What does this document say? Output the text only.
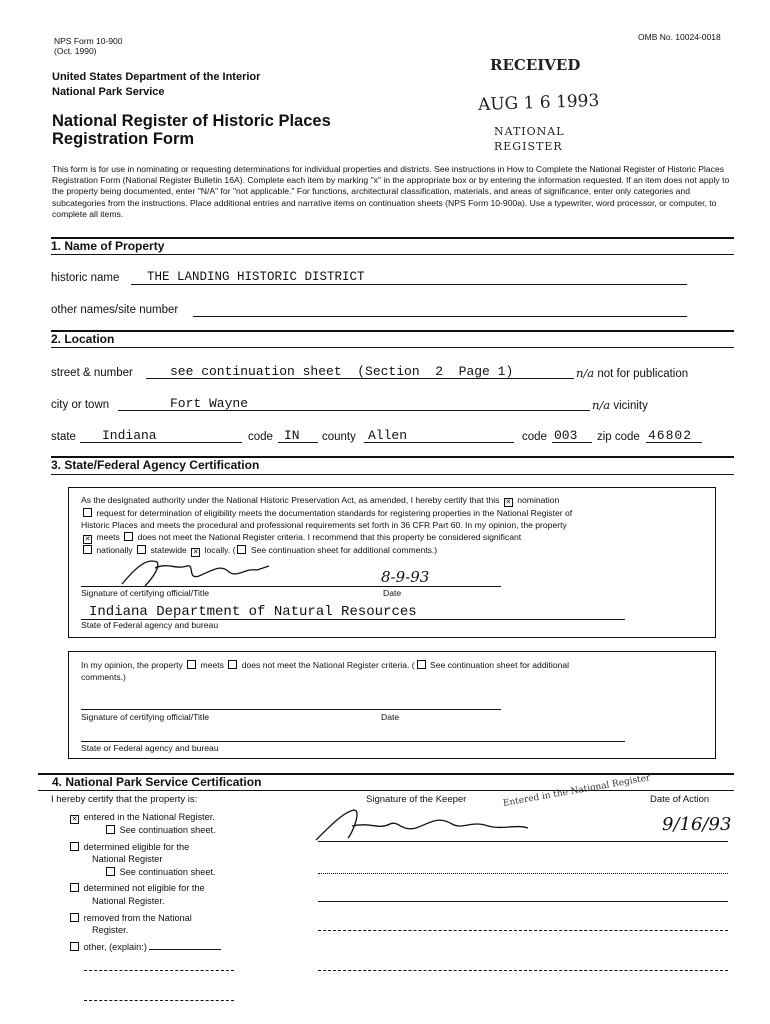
NPS Form 10-900
(Oct. 1990)
OMB No. 10024-0018
United States Department of the Interior
National Park Service
National Register of Historic Places
Registration Form
RECEIVED
AUG 1 6 1993
NATIONAL
REGISTER
This form is for use in nominating or requesting determinations for individual properties and districts. See instructions in How to Complete the National Register of Historic Places Registration Form (National Register Bulletin 16A). Complete each item by marking "x" in the appropriate box or by entering the information requested. If an item does not apply to the property being documented, enter "N/A" for "not applicable." For functions, architectural classification, materials, and areas of significance, enter only categories and subcategories from the instructions. Place additional entries and narrative items on continuation sheets (NPS Form 10-900a). Use a typewriter, word processor, or computer, to complete all items.
1. Name of Property
historic name	THE LANDING HISTORIC DISTRICT
other names/site number
2. Location
street & number	see continuation sheet  (Section  2  Page 1)	n/a not for publication
city or town	Fort Wayne	n/a vicinity
state	Indiana	code IN	county Allen	code 003	zip code 46802
3. State/Federal Agency Certification
As the designated authority under the National Historic Preservation Act, as amended, I hereby certify that this ✕ nomination
request for determination of eligibility meets the documentation standards for registering properties in the National Register of
Historic Places and meets the procedural and professional requirements set forth in 36 CFR Part 60. In my opinion, the property
✕ meets does not meet the National Register criteria. I recommend that this property be considered significant
nationally statewide ✕ locally. ( See continuation sheet for additional comments.)
8-9-93
Signature of certifying official/Title	Date
Indiana Department of Natural Resources
State of Federal agency and bureau
In my opinion, the property meets does not meet the National Register criteria. ( See continuation sheet for additional
comments.)
Signature of certifying official/Title	Date
State or Federal agency and bureau
4. National Park Service Certification
I hereby certify that the property is:	Signature of the Keeper	Date of Action
Entered in the National Register
9/16/93
✕ entered in the National Register.
See continuation sheet.
determined eligible for the
National Register
See continuation sheet.
determined not eligible for the
National Register.
removed from the National
Register.
other, (explain:)
